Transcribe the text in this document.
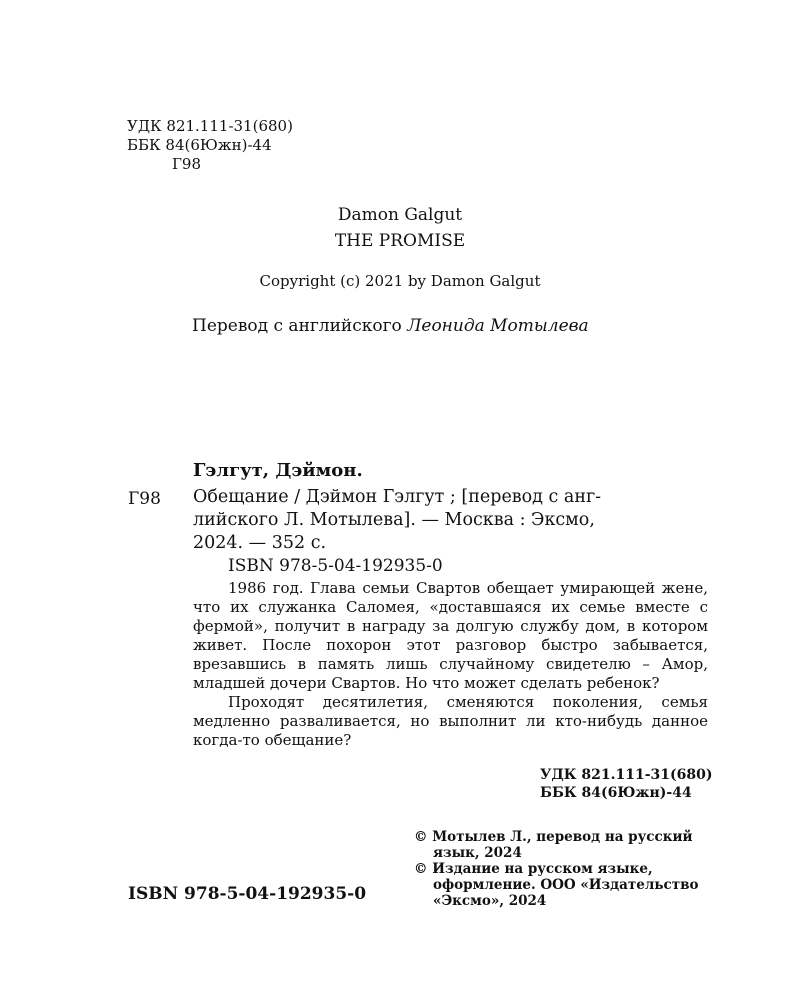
УДК 821.111-31(680)
ББК 84(6Южн)-44
Г98
Damon Galgut
THE PROMISE
Copyright (c) 2021 by Damon Galgut
Перевод с английского Леонида Мотылева
Гэлгут, Дэймон.
Г98 Обещание / Дэймон Гэлгут ; [перевод с анг-
лийского Л. Мотылева]. — Москва : Эксмо,
2024. — 352 с.
ISBN 978-5-04-192935-0

1986 год. Глава семьи Свартов обещает умирающей жене, что их служанка Саломея, «доставшаяся их семье вместе с фермой», получит в награду за долгую службу дом, в котором живет. После похорон этот разговор быстро забывается, врезавшись в память лишь случайному свидетелю – Амор, младшей дочери Свартов. Но что может сделать ребенок?

Проходят десятилетия, сменяются поколения, семья медленно разваливается, но выполнит ли кто-нибудь данное когда-то обещание?

УДК 821.111-31(680)
ББК 84(6Южн)-44
© Мотылев Л., перевод на русский
язык, 2024
© Издание на русском языке,
оформление. ООО «Издательство
«Эксмо», 2024
ISBN 978-5-04-192935-0
